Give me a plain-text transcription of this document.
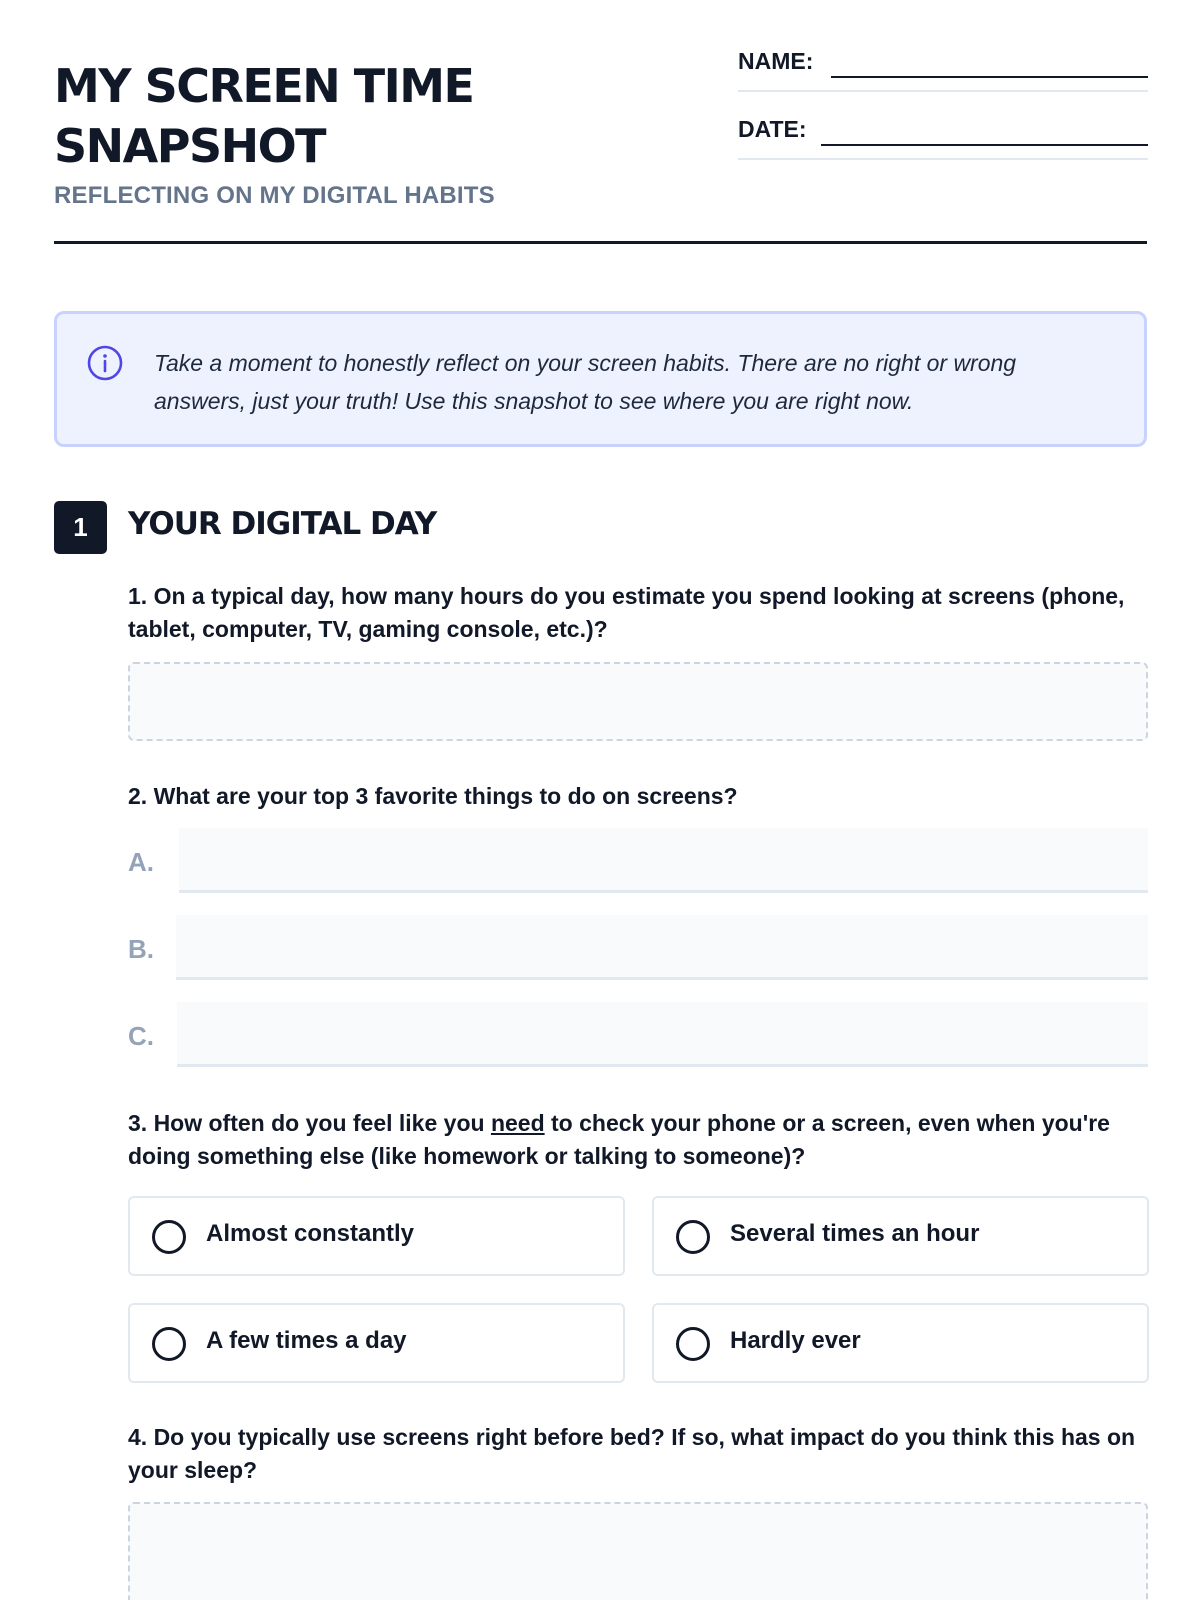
MY SCREEN TIME
SNAPSHOT
REFLECTING ON MY DIGITAL HABITS
NAME:
DATE:
Take a moment to honestly reflect on your screen habits. There are no right or wrong answers, just your truth! Use this snapshot to see where you are right now.
1	YOUR DIGITAL DAY
1. On a typical day, how many hours do you estimate you spend looking at screens (phone, tablet, computer, TV, gaming console, etc.)?
2. What are your top 3 favorite things to do on screens?
A.
B.
C.
3. How often do you feel like you need to check your phone or a screen, even when you're doing something else (like homework or talking to someone)?
Almost constantly	Several times an hour
A few times a day	Hardly ever
4. Do you typically use screens right before bed? If so, what impact do you think this has on your sleep?
